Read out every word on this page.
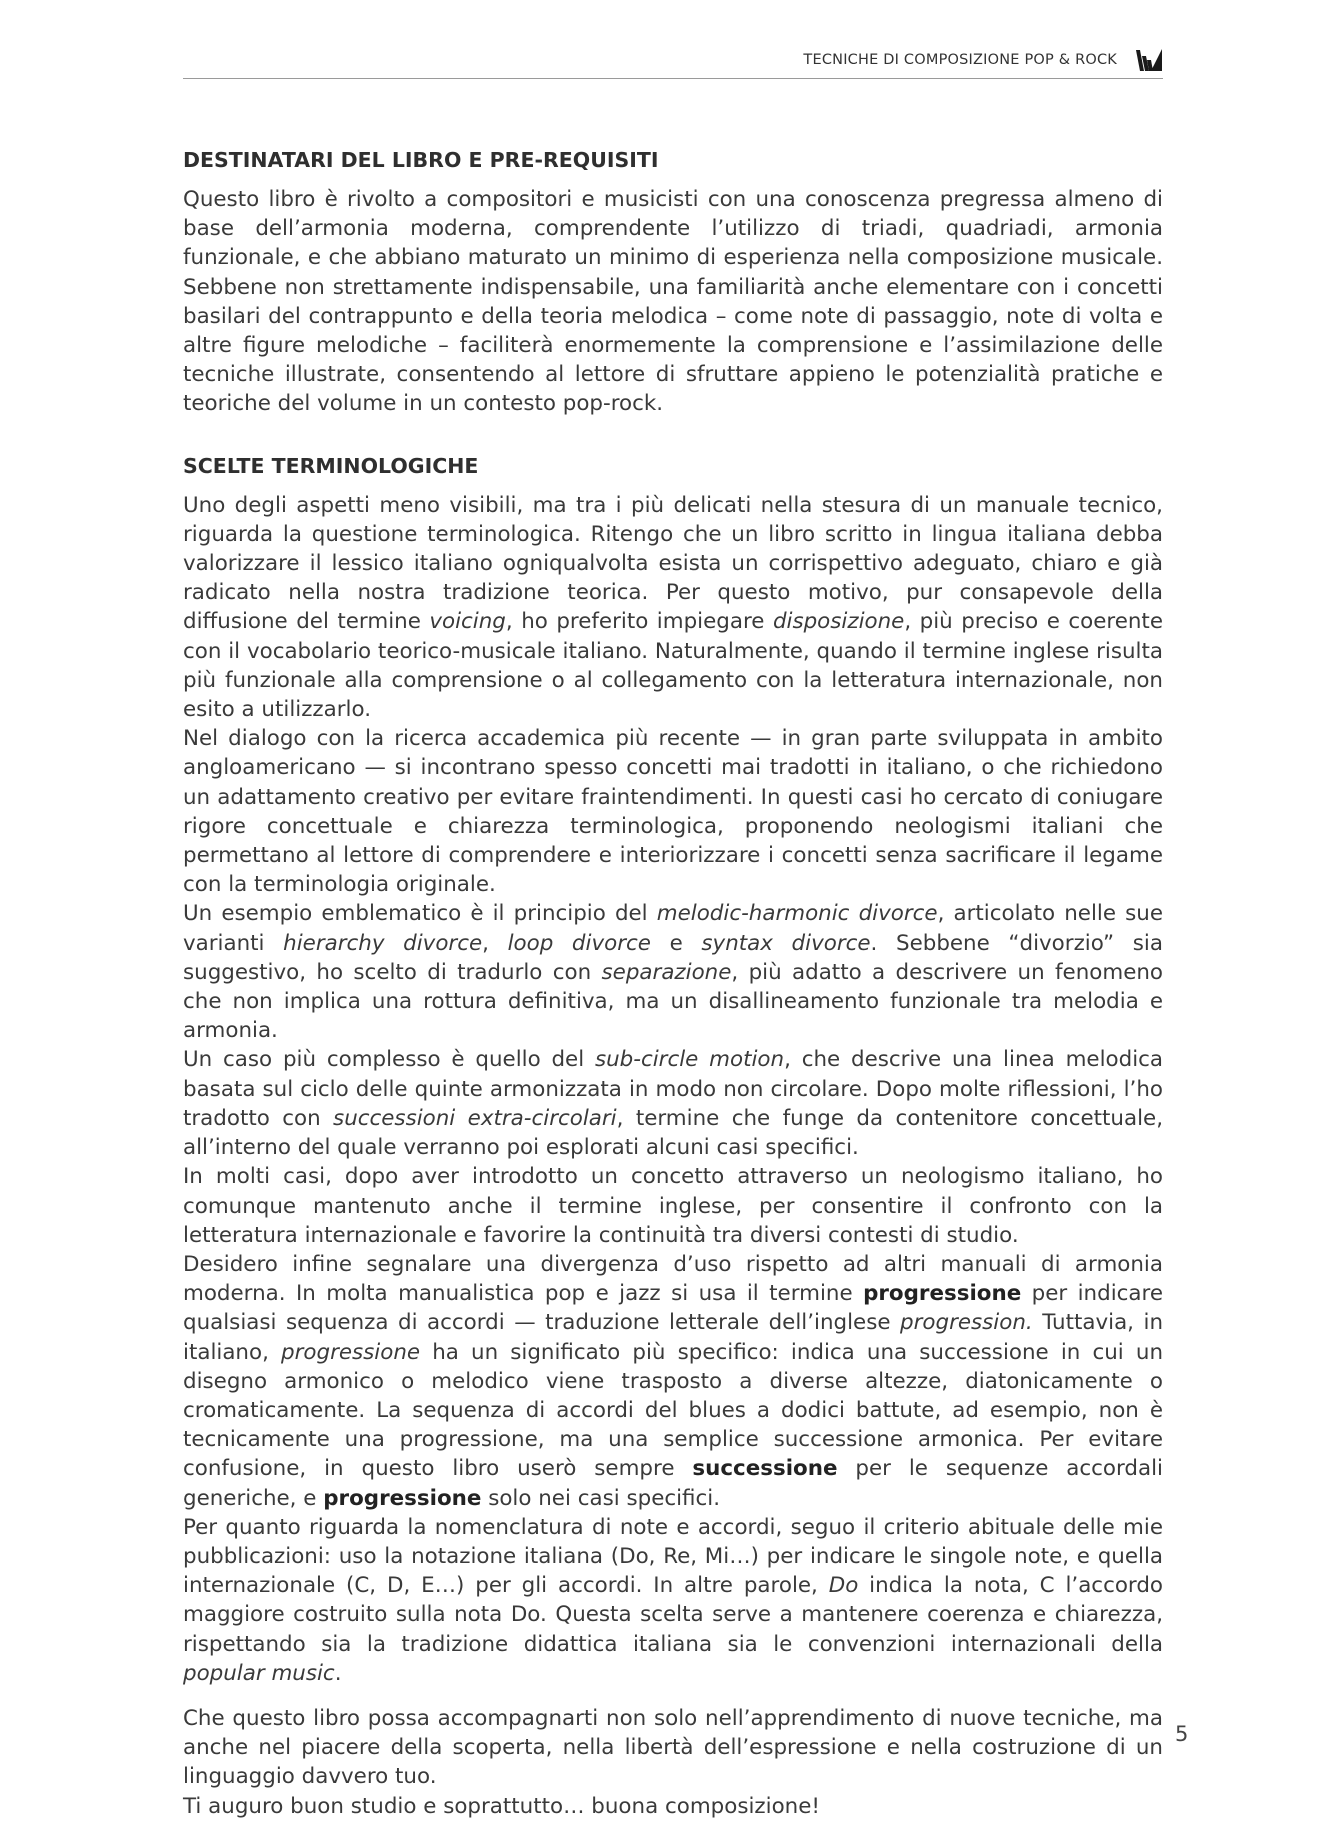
TECNICHE DI COMPOSIZIONE POP & ROCK
DESTINATARI DEL LIBRO E PRE-REQUISITI

Questo libro è rivolto a compositori e musicisti con una conoscenza pregressa almeno di base dell’armonia moderna, comprendente l’utilizzo di triadi, quadriadi, armonia funzionale, e che abbiano maturato un minimo di esperienza nella composizione musicale. Sebbene non strettamente indispensabile, una familiarità anche elementare con i concetti basilari del contrappunto e della teoria melodica – come note di passaggio, note di volta e altre figure melodiche – faciliterà enormemente la comprensione e l’assimilazione delle tecniche illustrate, consentendo al lettore di sfruttare appieno le potenzialità pratiche e teoriche del volume in un contesto pop-rock.

SCELTE TERMINOLOGICHE

Uno degli aspetti meno visibili, ma tra i più delicati nella stesura di un manuale tecnico, riguarda la questione terminologica. Ritengo che un libro scritto in lingua italiana debba valorizzare il lessico italiano ogniqualvolta esista un corrispettivo adeguato, chiaro e già radicato nella nostra tradizione teorica. Per questo motivo, pur consapevole della diffusione del termine voicing, ho preferito impiegare disposizione, più preciso e coerente con il vocabolario teorico-musicale italiano. Naturalmente, quando il termine inglese risulta più funzionale alla comprensione o al collegamento con la letteratura internazionale, non esito a utilizzarlo.

Nel dialogo con la ricerca accademica più recente — in gran parte sviluppata in ambito angloamericano — si incontrano spesso concetti mai tradotti in italiano, o che richiedono un adattamento creativo per evitare fraintendimenti. In questi casi ho cercato di coniugare rigore concettuale e chiarezza terminologica, proponendo neologismi italiani che permettano al lettore di comprendere e interiorizzare i concetti senza sacrificare il legame con la terminologia originale.

Un esempio emblematico è il principio del melodic-harmonic divorce, articolato nelle sue varianti hierarchy divorce, loop divorce e syntax divorce. Sebbene “divorzio” sia suggestivo, ho scelto di tradurlo con separazione, più adatto a descrivere un fenomeno che non implica una rottura definitiva, ma un disallineamento funzionale tra melodia e armonia.

Un caso più complesso è quello del sub-circle motion, che descrive una linea melodica basata sul ciclo delle quinte armonizzata in modo non circolare. Dopo molte riflessioni, l’ho tradotto con successioni extra-circolari, termine che funge da contenitore concettuale, all’interno del quale verranno poi esplorati alcuni casi specifici.

In molti casi, dopo aver introdotto un concetto attraverso un neologismo italiano, ho comunque mantenuto anche il termine inglese, per consentire il confronto con la letteratura internazionale e favorire la continuità tra diversi contesti di studio.

Desidero infine segnalare una divergenza d’uso rispetto ad altri manuali di armonia moderna. In molta manualistica pop e jazz si usa il termine progressione per indicare qualsiasi sequenza di accordi — traduzione letterale dell’inglese progression. Tuttavia, in italiano, progressione ha un significato più specifico: indica una successione in cui un disegno armonico o melodico viene trasposto a diverse altezze, diatonicamente o cromaticamente. La sequenza di accordi del blues a dodici battute, ad esempio, non è tecnicamente una progressione, ma una semplice successione armonica. Per evitare confusione, in questo libro userò sempre successione per le sequenze accordali generiche, e progressione solo nei casi specifici.

Per quanto riguarda la nomenclatura di note e accordi, seguo il criterio abituale delle mie pubblicazioni: uso la notazione italiana (Do, Re, Mi…) per indicare le singole note, e quella internazionale (C, D, E…) per gli accordi. In altre parole, Do indica la nota, C l’accordo maggiore costruito sulla nota Do. Questa scelta serve a mantenere coerenza e chiarezza, rispettando sia la tradizione didattica italiana sia le convenzioni internazionali della popular music.

Che questo libro possa accompagnarti non solo nell’apprendimento di nuove tecniche, ma anche nel piacere della scoperta, nella libertà dell’espressione e nella costruzione di un linguaggio davvero tuo.

Ti auguro buon studio e soprattutto… buona composizione!

5
